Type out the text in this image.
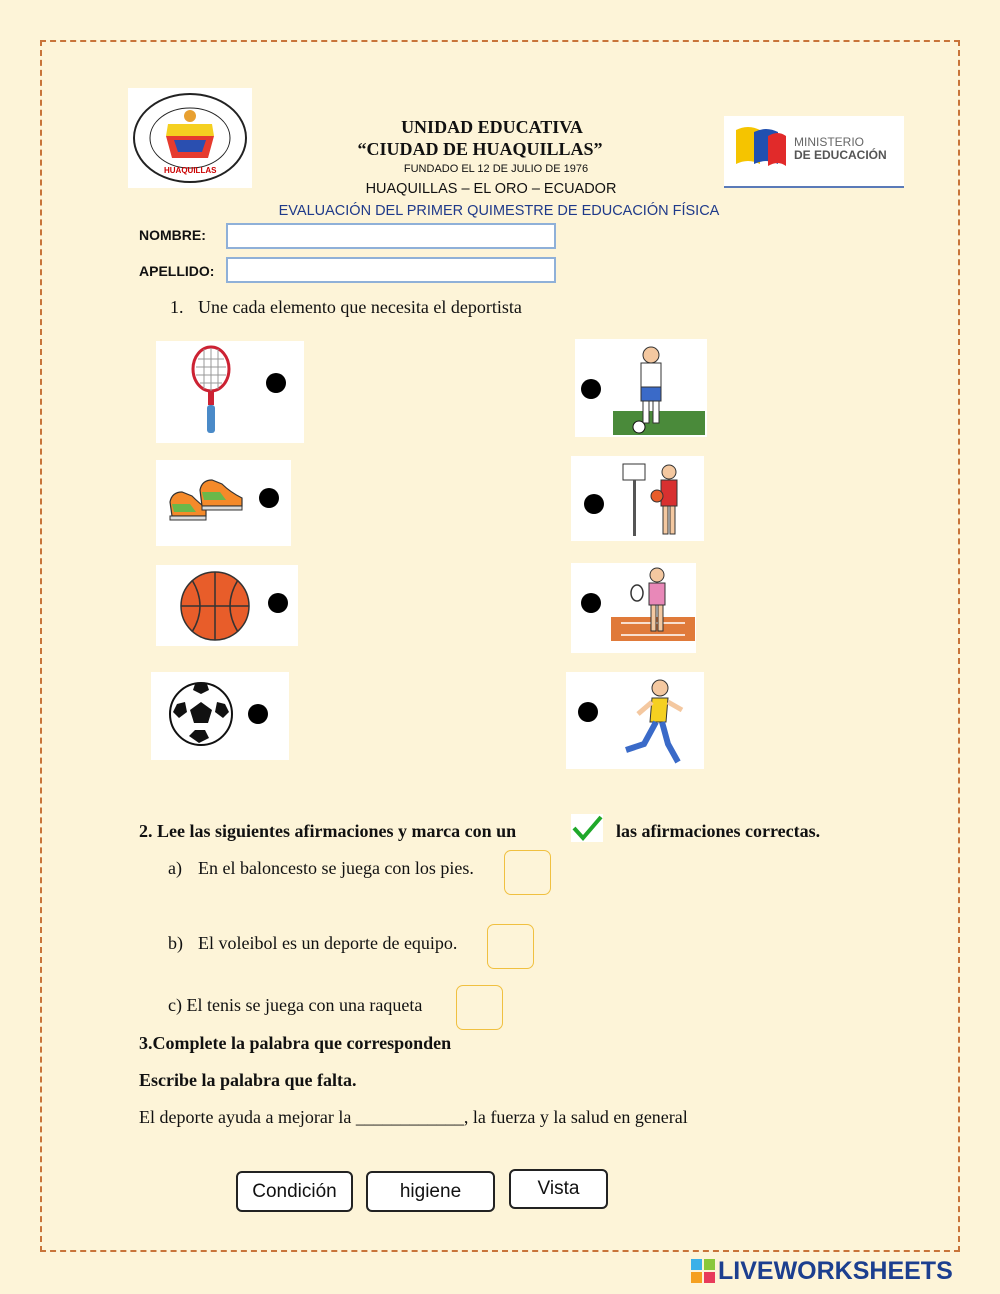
HUAQUILLAS
MINISTERIO
DE EDUCACIÓN
UNIDAD EDUCATIVA
“CIUDAD DE HUAQUILLAS”
FUNDADO EL 12 DE JULIO DE 1976
HUAQUILLAS – EL ORO – ECUADOR
EVALUACIÓN DEL PRIMER QUIMESTRE DE EDUCACIÓN FÍSICA
NOMBRE:
APELLIDO:
1. Une cada elemento que necesita el deportista
2. Lee las siguientes afirmaciones y marca con un	las afirmaciones correctas.
a) En el baloncesto se juega con los pies.
b) El voleibol es un deporte de equipo.
c) El tenis se juega con una raqueta
3.Complete la palabra que corresponden
Escribe la palabra que falta.
El deporte ayuda a mejorar la ____________, la fuerza y la salud en general
Condición	higiene	Vista
LIVEWORKSHEETS
